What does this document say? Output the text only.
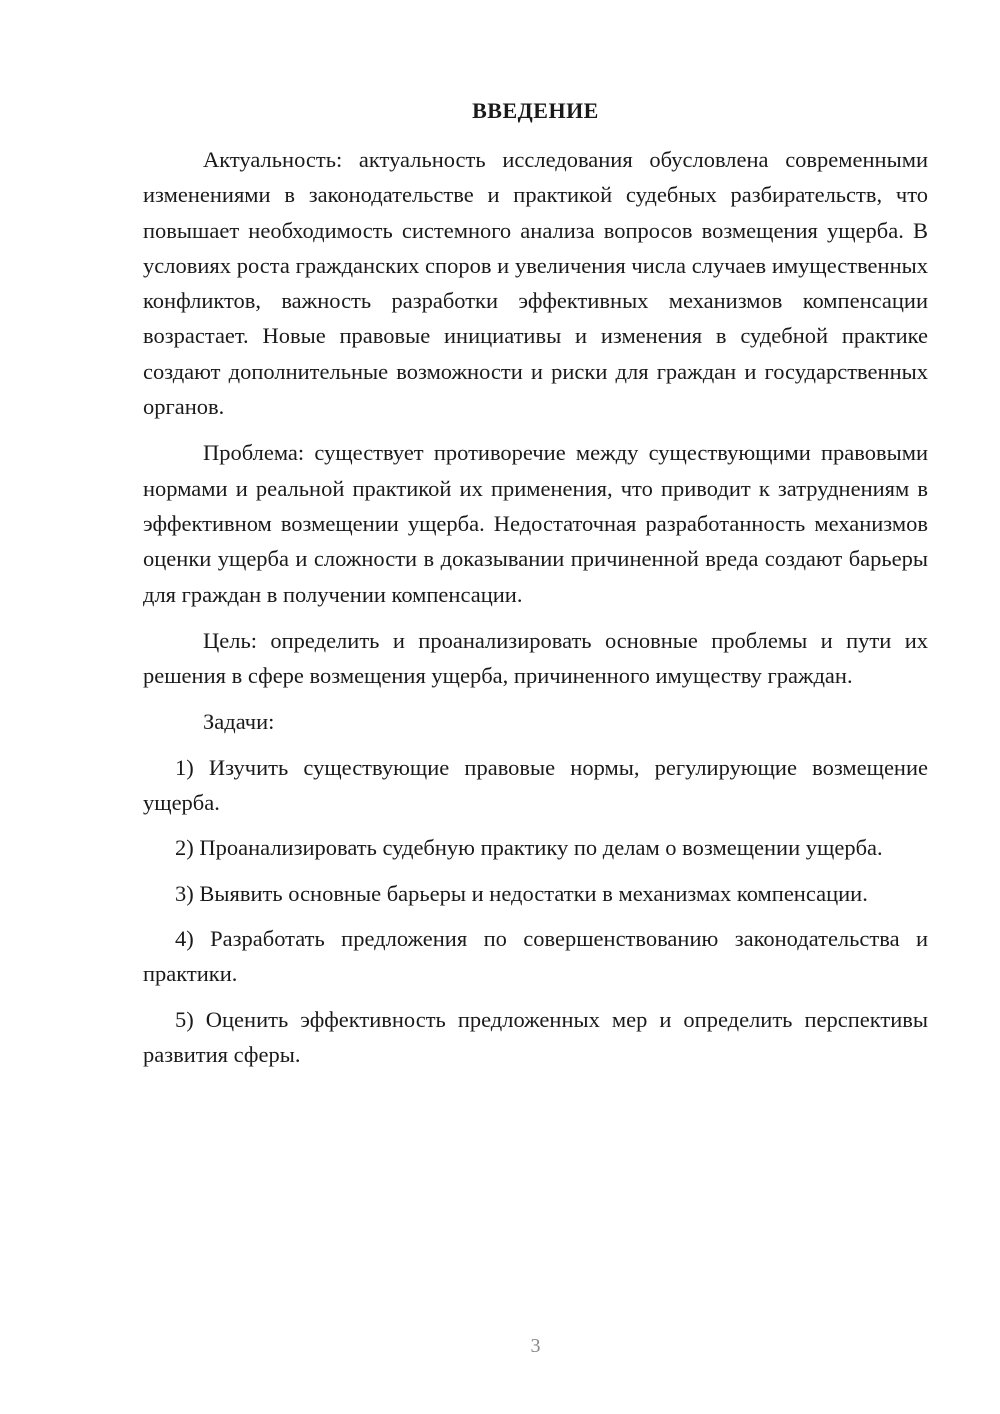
ВВЕДЕНИЕ

Актуальность: актуальность исследования обусловлена современными изменениями в законодательстве и практикой судебных разбирательств, что повышает необходимость системного анализа вопросов возмещения ущерба. В условиях роста гражданских споров и увеличения числа случаев имущественных конфликтов, важность разработки эффективных механизмов компенсации возрастает. Новые правовые инициативы и изменения в судебной практике создают дополнительные возможности и риски для граждан и государственных органов.

Проблема: существует противоречие между существующими правовыми нормами и реальной практикой их применения, что приводит к затруднениям в эффективном возмещении ущерба. Недостаточная разработанность механизмов оценки ущерба и сложности в доказывании причиненной вреда создают барьеры для граждан в получении компенсации.

Цель: определить и проанализировать основные проблемы и пути их решения в сфере возмещения ущерба, причиненного имуществу граждан.

Задачи:

1) Изучить существующие правовые нормы, регулирующие возмещение ущерба.

2) Проанализировать судебную практику по делам о возмещении ущерба.

3) Выявить основные барьеры и недостатки в механизмах компенсации.

4) Разработать предложения по совершенствованию законодательства и практики.

5) Оценить эффективность предложенных мер и определить перспективы развития сферы.

3
